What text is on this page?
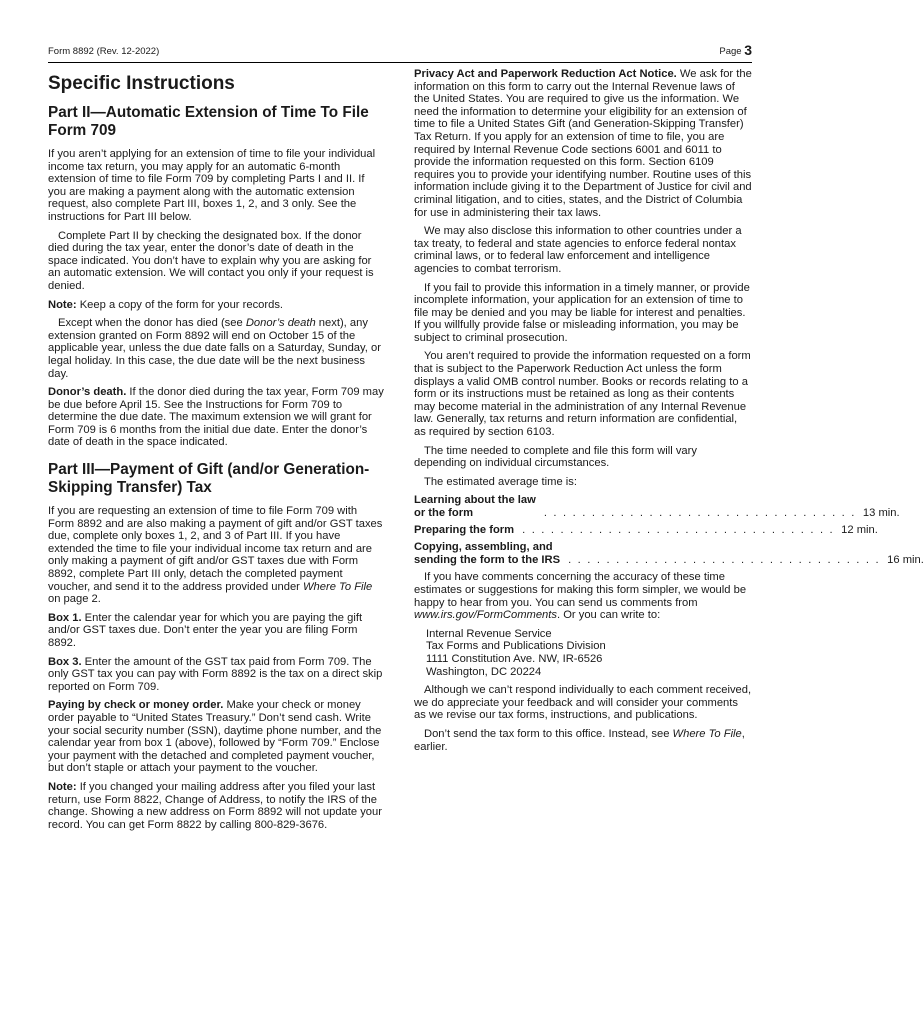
Form 8892 (Rev. 12-2022)	Page 3
Specific Instructions
Part II—Automatic Extension of Time To File Form 709

If you aren’t applying for an extension of time to file your individual income tax return, you may apply for an automatic 6-month extension of time to file Form 709 by completing Parts I and II. If you are making a payment along with the automatic extension request, also complete Part III, boxes 1, 2, and 3 only. See the instructions for Part III below.

Complete Part II by checking the designated box. If the donor died during the tax year, enter the donor’s date of death in the space indicated. You don’t have to explain why you are asking for an automatic extension. We will contact you only if your request is denied.

Note: Keep a copy of the form for your records.

Except when the donor has died (see Donor’s death next), any extension granted on Form 8892 will end on October 15 of the applicable year, unless the due date falls on a Saturday, Sunday, or legal holiday. In this case, the due date will be the next business day.

Donor’s death. If the donor died during the tax year, Form 709 may be due before April 15. See the Instructions for Form 709 to determine the due date. The maximum extension we will grant for Form 709 is 6 months from the initial due date. Enter the donor’s date of death in the space indicated.

Part III—Payment of Gift (and/or Generation-Skipping Transfer) Tax

If you are requesting an extension of time to file Form 709 with Form 8892 and are also making a payment of gift and/or GST taxes due, complete only boxes 1, 2, and 3 of Part III. If you have extended the time to file your individual income tax return and are only making a payment of gift and/or GST taxes due with Form 8892, complete Part III only, detach the completed payment voucher, and send it to the address provided under Where To File on page 2.

Box 1. Enter the calendar year for which you are paying the gift and/or GST taxes due. Don’t enter the year you are filing Form 8892.

Box 3. Enter the amount of the GST tax paid from Form 709. The only GST tax you can pay with Form 8892 is the tax on a direct skip reported on Form 709.

Paying by check or money order. Make your check or money order payable to “United States Treasury.” Don’t send cash. Write your social security number (SSN), daytime phone number, and the calendar year from box 1 (above), followed by “Form 709.” Enclose your payment with the detached and completed payment voucher, but don’t staple or attach your payment to the voucher.

Note: If you changed your mailing address after you filed your last return, use Form 8822, Change of Address, to notify the IRS of the change. Showing a new address on Form 8892 will not update your record. You can get Form 8822 by calling 800-829-3676.

Privacy Act and Paperwork Reduction Act Notice. We ask for the information on this form to carry out the Internal Revenue laws of the United States. You are required to give us the information. We need the information to determine your eligibility for an extension of time to file a United States Gift (and Generation-Skipping Transfer) Tax Return. If you apply for an extension of time to file, you are required by Internal Revenue Code sections 6001 and 6011 to provide the information requested on this form. Section 6109 requires you to provide your identifying number. Routine uses of this information include giving it to the Department of Justice for civil and criminal litigation, and to cities, states, and the District of Columbia for use in administering their tax laws.

We may also disclose this information to other countries under a tax treaty, to federal and state agencies to enforce federal nontax criminal laws, or to federal law enforcement and intelligence agencies to combat terrorism.

If you fail to provide this information in a timely manner, or provide incomplete information, your application for an extension of time to file may be denied and you may be liable for interest and penalties. If you willfully provide false or misleading information, you may be subject to criminal prosecution.

You aren’t required to provide the information requested on a form that is subject to the Paperwork Reduction Act unless the form displays a valid OMB control number. Books or records relating to a form or its instructions must be retained as long as their contents may become material in the administration of any Internal Revenue law. Generally, tax returns and return information are confidential, as required by section 6103.

The time needed to complete and file this form will vary depending on individual circumstances.

The estimated average time is:

Learning about the law
or the form	................................. 13 min.
Preparing the form ................................. 12 min.
Copying, assembling, and
sending the form to the IRS ................................. 16 min.

If you have comments concerning the accuracy of these time estimates or suggestions for making this form simpler, we would be happy to hear from you. You can send us comments from www.irs.gov/FormComments. Or you can write to:

Internal Revenue Service
Tax Forms and Publications Division
1111 Constitution Ave. NW, IR-6526
Washington, DC 20224

Although we can’t respond individually to each comment received, we do appreciate your feedback and will consider your comments as we revise our tax forms, instructions, and publications.

Don’t send the tax form to this office. Instead, see Where To File, earlier.
